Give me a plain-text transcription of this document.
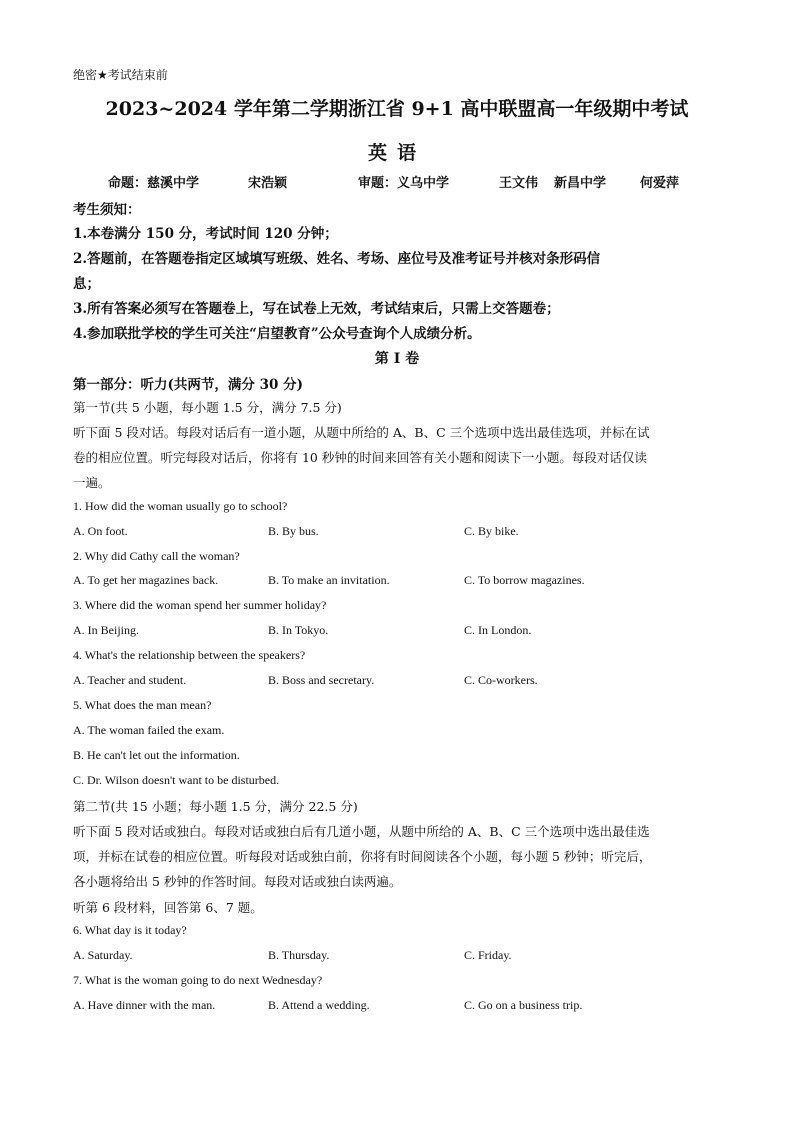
绝密★考试结束前
2023~2024 学年第二学期浙江省 9+1 高中联盟高一年级期中考试
英语
命题：慈溪中学	宋浩颖	审题：义乌中学	王文伟 新昌中学	何爱萍
考生须知：
1.本卷满分 150 分，考试时间 120 分钟；
2.答题前，在答题卷指定区域填写班级、姓名、考场、座位号及准考证号并核对条形码信
息；
3.所有答案必须写在答题卷上，写在试卷上无效，考试结束后，只需上交答题卷；
4.参加联批学校的学生可关注“启望教育”公众号查询个人成绩分析。
第 I 卷
第一部分：听力(共两节，满分 30 分)
第一节(共 5 小题，每小题 1.5 分，满分 7.5 分)
听下面 5 段对话。每段对话后有一道小题，从题中所给的 A、B、C 三个选项中选出最佳选项，并标在试
卷的相应位置。听完每段对话后，你将有 10 秒钟的时间来回答有关小题和阅读下一小题。每段对话仅读
一遍。
1. How did the woman usually go to school?
A. On foot.	B. By bus.	C. By bike.
2. Why did Cathy call the woman?
A. To get her magazines back.	B. To make an invitation.	C. To borrow magazines.
3. Where did the woman spend her summer holiday?
A. In Beijing.	B. In Tokyo.	C. In London.
4. What's the relationship between the speakers?
A. Teacher and student.	B. Boss and secretary.	C. Co-workers.
5. What does the man mean?
A. The woman failed the exam.
B. He can't let out the information.
C. Dr. Wilson doesn't want to be disturbed.
第二节(共 15 小题；每小题 1.5 分，满分 22.5 分)
听下面 5 段对话或独白。每段对话或独白后有几道小题，从题中所给的 A、B、C 三个选项中选出最佳选
项，并标在试卷的相应位置。听每段对话或独白前，你将有时间阅读各个小题，每小题 5 秒钟；听完后，
各小题将给出 5 秒钟的作答时间。每段对话或独白读两遍。
听第 6 段材料，回答第 6、7 题。
6. What day is it today?
A. Saturday.	B. Thursday.	C. Friday.
7. What is the woman going to do next Wednesday?
A. Have dinner with the man.	B. Attend a wedding.	C. Go on a business trip.
